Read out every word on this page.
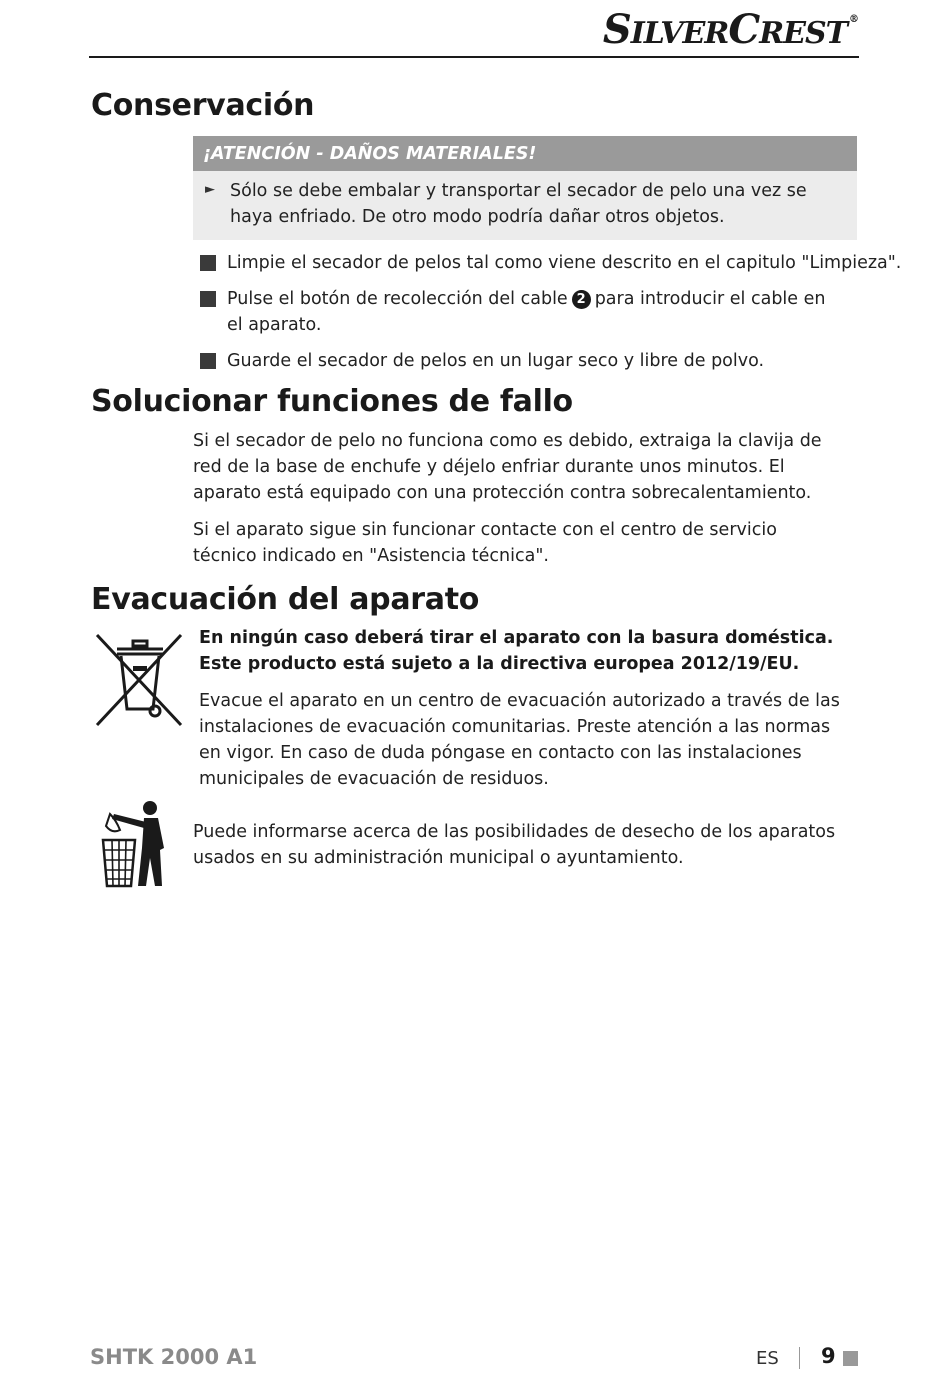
SILVERCREST ®
Conservación
¡ATENCIÓN - DAÑOS MATERIALES!
► Sólo se debe embalar y transportar el secador de pelo una vez se haya enfriado. De otro modo podría dañar otros objetos.

Limpie el secador de pelos tal como viene descrito en el capitulo "Limpieza".

Pulse el botón de recolección del cable 2 para introducir el cable en el aparato.

Guarde el secador de pelos en un lugar seco y libre de polvo.

Solucionar funciones de fallo

Si el secador de pelo no funciona como es debido, extraiga la clavija de red de la base de enchufe y déjelo enfriar durante unos minutos. El aparato está equipado con una protección contra sobrecalentamiento.

Si el aparato sigue sin funcionar contacte con el centro de servicio técnico indicado en "Asistencia técnica".

Evacuación del aparato

En ningún caso deberá tirar el aparato con la basura doméstica. Este producto está sujeto a la directiva europea 2012/19/EU.

Evacue el aparato en un centro de evacuación autorizado a través de las instalaciones de evacuación comunitarias. Preste atención a las normas en vigor. En caso de duda póngase en contacto con las instalaciones municipales de evacuación de residuos.

Puede informarse acerca de las posibilidades de desecho de los aparatos usados en su administración municipal o ayuntamiento.

SHTK 2000 A1	ES 9
